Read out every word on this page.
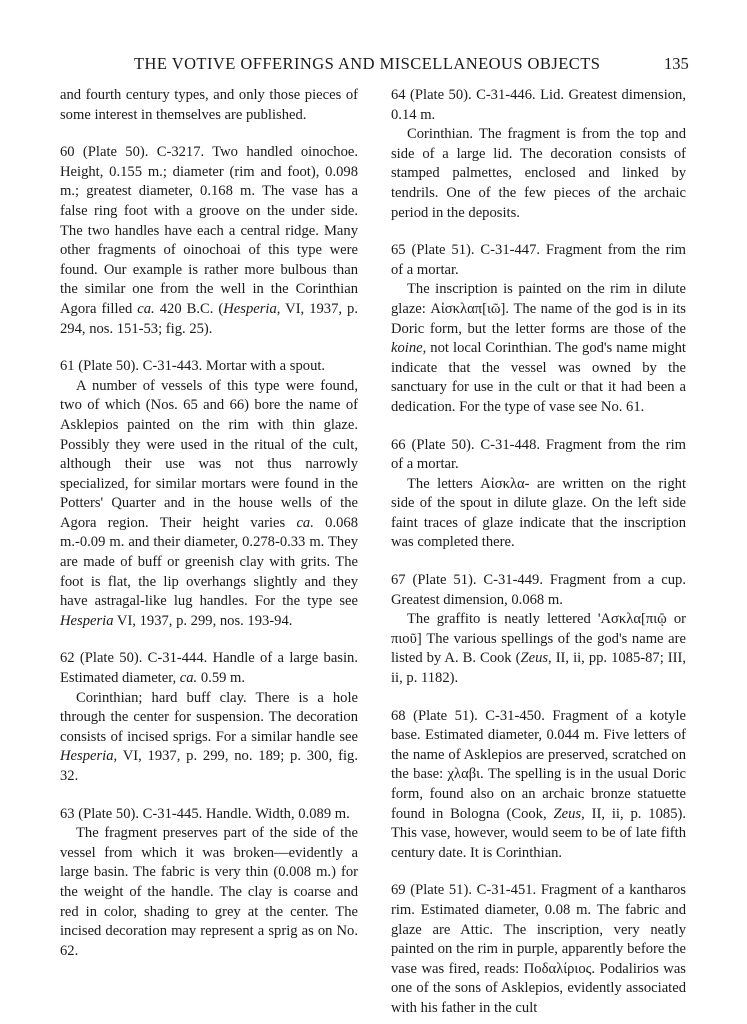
THE VOTIVE OFFERINGS AND MISCELLANEOUS OBJECTS	135

and fourth century types, and only those pieces of some interest in themselves are published.

60 (Plate 50). C-3217. Two handled oinochoe. Height, 0.155 m.; diameter (rim and foot), 0.098 m.; greatest diameter, 0.168 m. The vase has a false ring foot with a groove on the under side. The two handles have each a central ridge. Many other fragments of oinochoai of this type were found. Our example is rather more bulbous than the similar one from the well in the Corinthian Agora filled ca. 420 B.C. (Hesperia, VI, 1937, p. 294, nos. 151-53; fig. 25).

61 (Plate 50). C-31-443. Mortar with a spout.

A number of vessels of this type were found, two of which (Nos. 65 and 66) bore the name of Asklepios painted on the rim with thin glaze. Possibly they were used in the ritual of the cult, although their use was not thus narrowly specialized, for similar mortars were found in the Potters' Quarter and in the house wells of the Agora region. Their height varies ca. 0.068 m.-0.09 m. and their diameter, 0.278-0.33 m. They are made of buff or greenish clay with grits. The foot is flat, the lip overhangs slightly and they have astragal-like lug handles. For the type see Hesperia VI, 1937, p. 299, nos. 193-94.

62 (Plate 50). C-31-444. Handle of a large basin. Estimated diameter, ca. 0.59 m.

Corinthian; hard buff clay. There is a hole through the center for suspension. The decoration consists of incised sprigs. For a similar handle see Hesperia, VI, 1937, p. 299, no. 189; p. 300, fig. 32.

63 (Plate 50). C-31-445. Handle. Width, 0.089 m.

The fragment preserves part of the side of the vessel from which it was broken—evidently a large basin. The fabric is very thin (0.008 m.) for the weight of the handle. The clay is coarse and red in color, shading to grey at the center. The incised decoration may represent a sprig as on No. 62.

64 (Plate 50). C-31-446. Lid. Greatest dimension, 0.14 m.

Corinthian. The fragment is from the top and side of a large lid. The decoration consists of stamped palmettes, enclosed and linked by tendrils. One of the few pieces of the archaic period in the deposits.

65 (Plate 51). C-31-447. Fragment from the rim of a mortar.

The inscription is painted on the rim in dilute glaze: Αἰσκλαπ[ιῶ]. The name of the god is in its Doric form, but the letter forms are those of the koine, not local Corinthian. The god's name might indicate that the vessel was owned by the sanctuary for use in the cult or that it had been a dedication. For the type of vase see No. 61.

66 (Plate 50). C-31-448. Fragment from the rim of a mortar.

The letters Αἰσκλα- are written on the right side of the spout in dilute glaze. On the left side faint traces of glaze indicate that the inscription was completed there.

67 (Plate 51). C-31-449. Fragment from a cup. Greatest dimension, 0.068 m.

The graffito is neatly lettered 'Ασκλα[πιῷ or πιοῦ] The various spellings of the god's name are listed by A. B. Cook (Zeus, II, ii, pp. 1085-87; III, ii, p. 1182).

68 (Plate 51). C-31-450. Fragment of a kotyle base. Estimated diameter, 0.044 m. Five letters of the name of Asklepios are preserved, scratched on the base: χλαβι. The spelling is in the usual Doric form, found also on an archaic bronze statuette found in Bologna (Cook, Zeus, II, ii, p. 1085). This vase, however, would seem to be of late fifth century date. It is Corinthian.

69 (Plate 51). C-31-451. Fragment of a kantharos rim. Estimated diameter, 0.08 m. The fabric and glaze are Attic. The inscription, very neatly painted on the rim in purple, apparently before the vase was fired, reads: Ποδαλίριος. Podalirios was one of the sons of Asklepios, evidently associated with his father in the cult
